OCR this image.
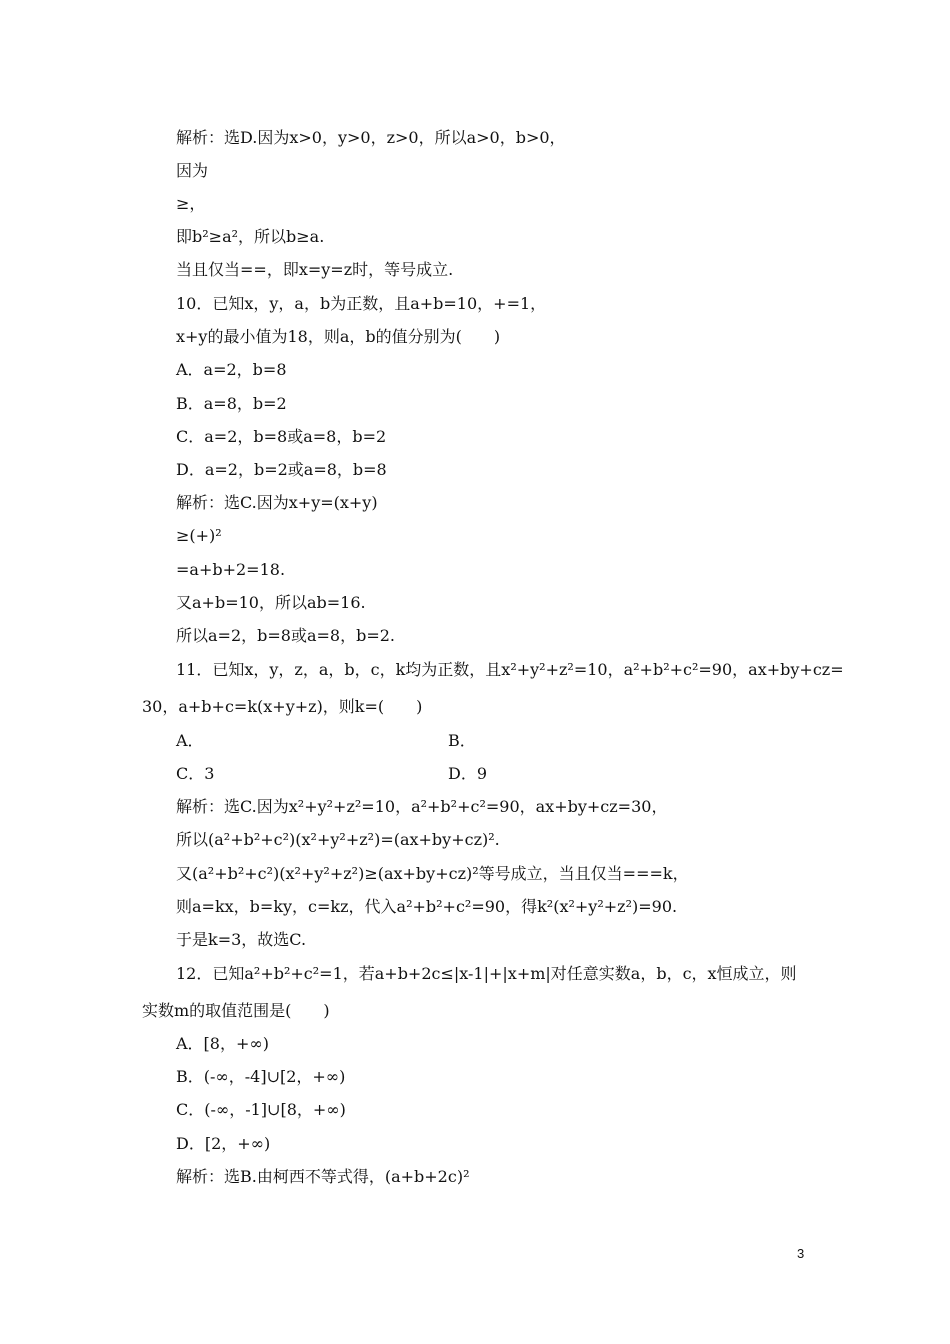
解析：选D.因为x>0，y>0，z>0，所以a>0，b>0，
因为
≥，
即b²≥a²，所以b≥a.
当且仅当==，即x=y=z时，等号成立.
10．已知x，y，a，b为正数，且a+b=10，+=1，
x+y的最小值为18，则a，b的值分别为(　　)
A．a=2，b=8
B．a=8，b=2
C．a=2，b=8或a=8，b=2
D．a=2，b=2或a=8，b=8
解析：选C.因为x+y=(x+y)
≥(+)²
=a+b+2=18.
又a+b=10，所以ab=16.
所以a=2，b=8或a=8，b=2.
11．已知x，y，z，a，b，c，k均为正数，且x²+y²+z²=10，a²+b²+c²=90，ax+by+cz=
30，a+b+c=k(x+y+z)，则k=(　　)
A．	B．
C．3	D．9
解析：选C.因为x²+y²+z²=10，a²+b²+c²=90，ax+by+cz=30，
所以(a²+b²+c²)(x²+y²+z²)=(ax+by+cz)².
又(a²+b²+c²)(x²+y²+z²)≥(ax+by+cz)²等号成立，当且仅当===k，
则a=kx，b=ky，c=kz，代入a²+b²+c²=90，得k²(x²+y²+z²)=90.
于是k=3，故选C.
12．已知a²+b²+c²=1，若a+b+2c≤|x-1|+|x+m|对任意实数a，b，c，x恒成立，则
实数m的取值范围是(　　)
A．[8，+∞)
B．(-∞，-4]∪[2，+∞)
C．(-∞，-1]∪[8，+∞)
D．[2，+∞)
解析：选B.由柯西不等式得，(a+b+2c)²
3
